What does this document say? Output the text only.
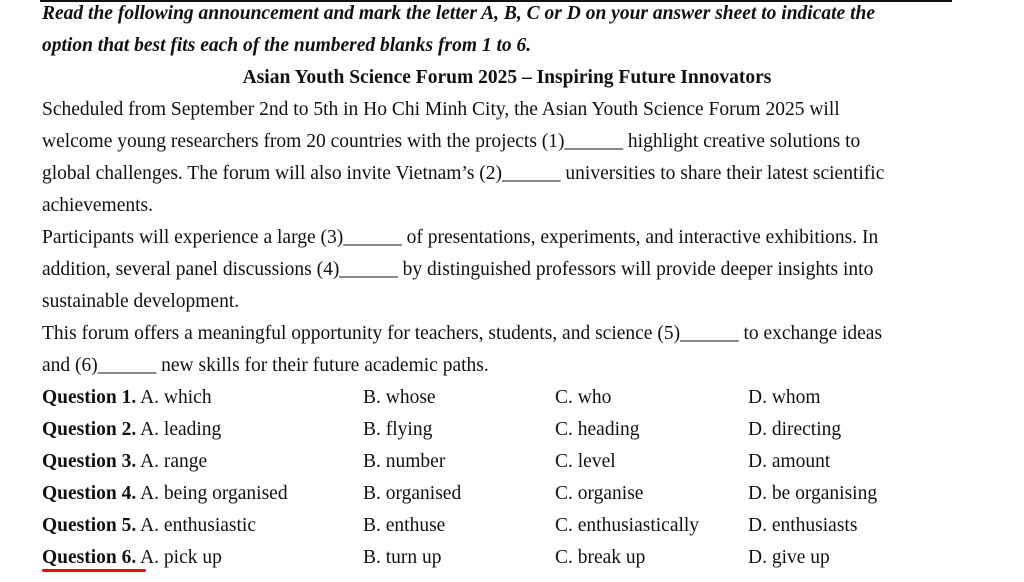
Read the following announcement and mark the letter A, B, C or D on your answer sheet to indicate the
option that best fits each of the numbered blanks from 1 to 6.
Asian Youth Science Forum 2025 – Inspiring Future Innovators
Scheduled from September 2nd to 5th in Ho Chi Minh City, the Asian Youth Science Forum 2025 will
welcome young researchers from 20 countries with the projects (1)______ highlight creative solutions to
global challenges. The forum will also invite Vietnam’s (2)______ universities to share their latest scientific
achievements.
Participants will experience a large (3)______ of presentations, experiments, and interactive exhibitions. In
addition, several panel discussions (4)______ by distinguished professors will provide deeper insights into
sustainable development.
This forum offers a meaningful opportunity for teachers, students, and science (5)______ to exchange ideas
and (6)______ new skills for their future academic paths.
Question 1. A. which	B. whose	C. who	D. whom
Question 2. A. leading	B. flying	C. heading	D. directing
Question 3. A. range	B. number	C. level	D. amount
Question 4. A. being organised	B. organised	C. organise	D. be organising
Question 5. A. enthusiastic	B. enthuse	C. enthusiastically	D. enthusiasts
Question 6. A. pick up	B. turn up	C. break up	D. give up
